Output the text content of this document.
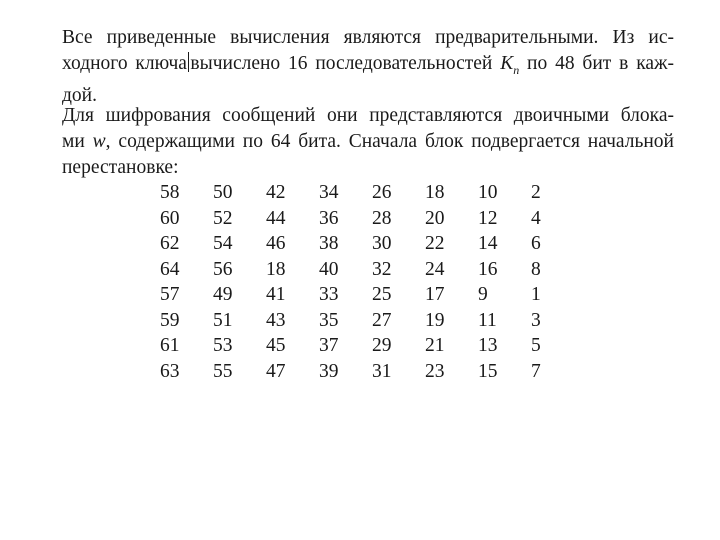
Все приведенные вычисления являются предварительными. Из ис-
ходного ключа вычислено 16 последовательностей $K_n$ по 48 бит в каж-
дой.

Для шифрования сообщений они представляются двоичными блока-
ми w, содержащими по 64 бита. Сначала блок подвергается начальной
перестановке:

58	50	42	34	26	18	10	2
60	52	44	36	28	20	12	4
62	54	46	38	30	22	14	6
64	56	18	40	32	24	16	8
57	49	41	33	25	17	9	1
59	51	43	35	27	19	11	3
61	53	45	37	29	21	13	5
63	55	47	39	31	23	15	7
